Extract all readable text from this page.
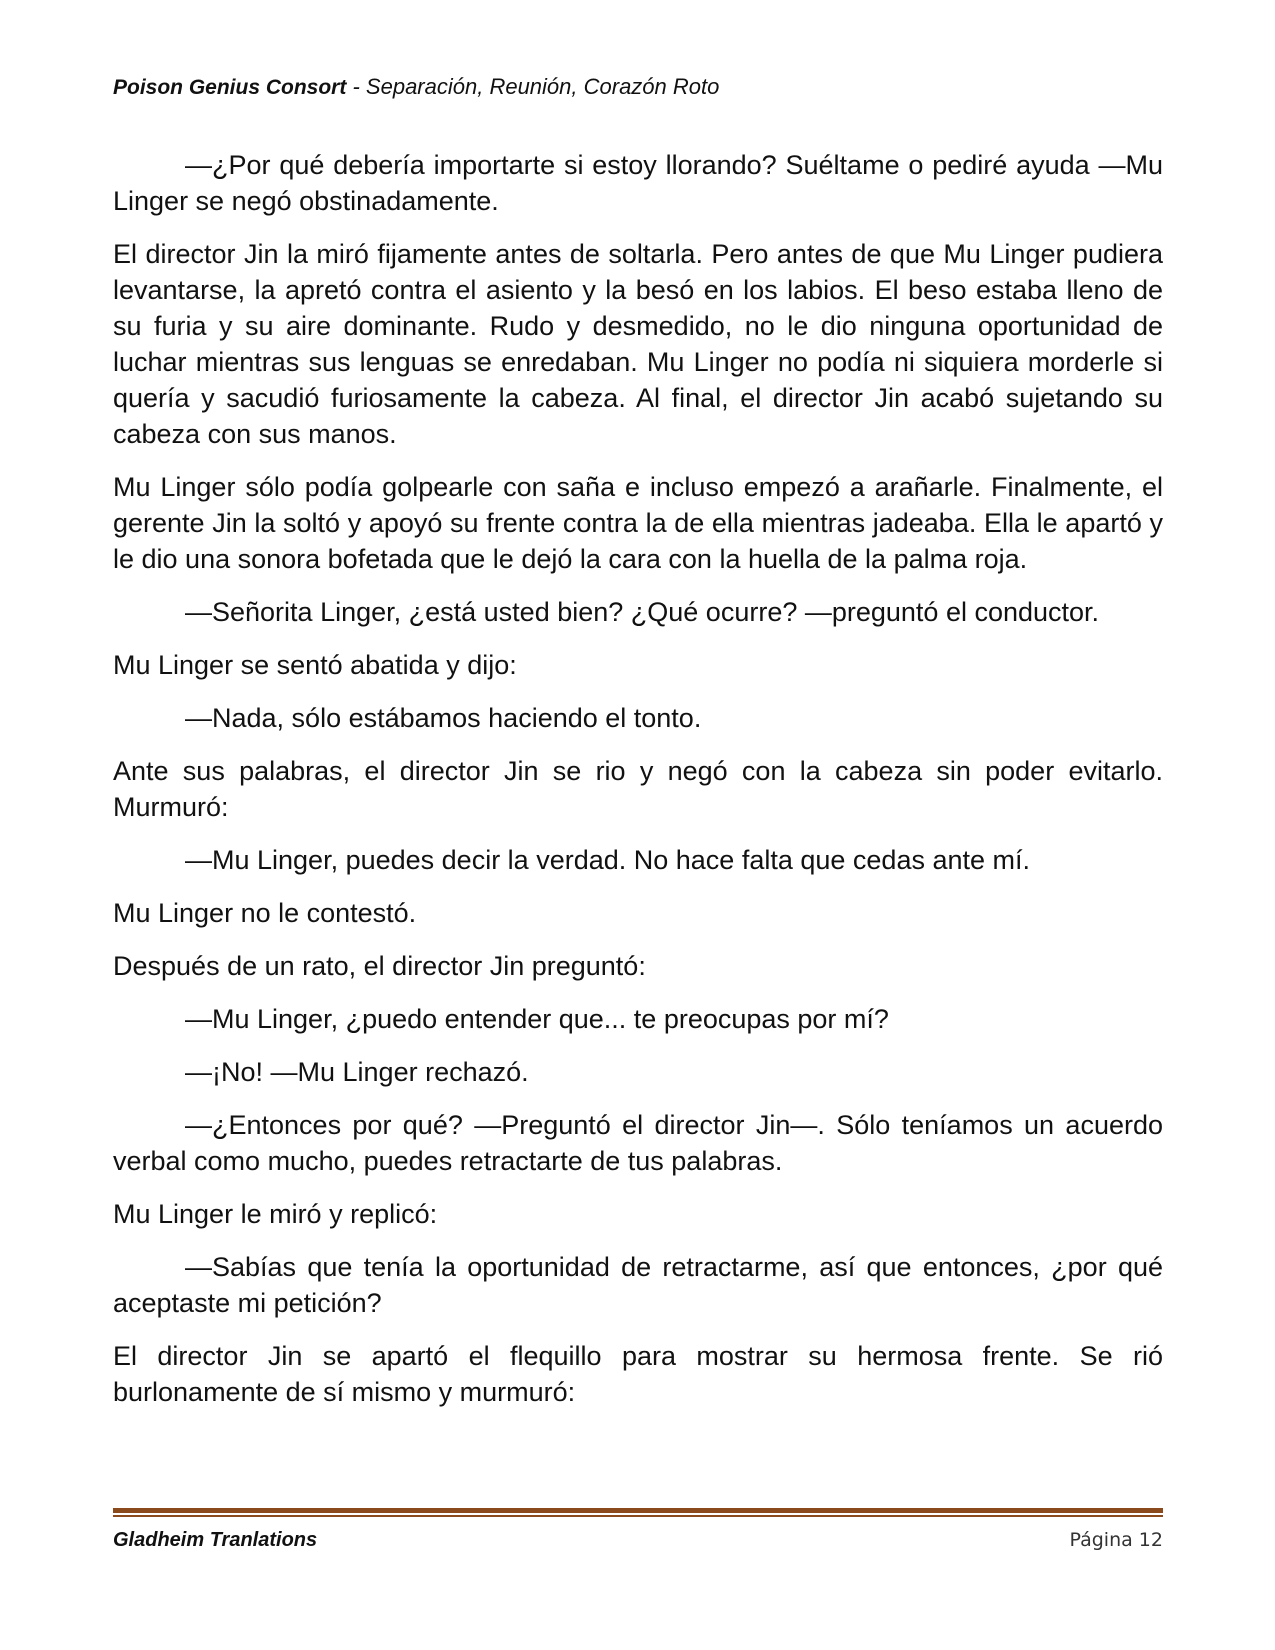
Poison Genius Consort - Separación, Reunión, Corazón Roto

—¿Por qué debería importarte si estoy llorando? Suéltame o pediré ayuda —Mu Linger se negó obstinadamente.

El director Jin la miró fijamente antes de soltarla. Pero antes de que Mu Linger pudiera levantarse, la apretó contra el asiento y la besó en los labios. El beso estaba lleno de su furia y su aire dominante. Rudo y desmedido, no le dio ninguna oportunidad de luchar mientras sus lenguas se enredaban. Mu Linger no podía ni siquiera morderle si quería y sacudió furiosamente la cabeza. Al final, el director Jin acabó sujetando su cabeza con sus manos.

Mu Linger sólo podía golpearle con saña e incluso empezó a arañarle. Finalmente, el gerente Jin la soltó y apoyó su frente contra la de ella mientras jadeaba. Ella le apartó y le dio una sonora bofetada que le dejó la cara con la huella de la palma roja.

—Señorita Linger, ¿está usted bien? ¿Qué ocurre? —preguntó el conductor.

Mu Linger se sentó abatida y dijo:

—Nada, sólo estábamos haciendo el tonto.

Ante sus palabras, el director Jin se rio y negó con la cabeza sin poder evitarlo. Murmuró:

—Mu Linger, puedes decir la verdad. No hace falta que cedas ante mí.

Mu Linger no le contestó.

Después de un rato, el director Jin preguntó:

—Mu Linger, ¿puedo entender que... te preocupas por mí?

—¡No! —Mu Linger rechazó.

—¿Entonces por qué? —Preguntó el director Jin—. Sólo teníamos un acuerdo verbal como mucho, puedes retractarte de tus palabras.

Mu Linger le miró y replicó:

—Sabías que tenía la oportunidad de retractarme, así que entonces, ¿por qué aceptaste mi petición?

El director Jin se apartó el flequillo para mostrar su hermosa frente. Se rió burlonamente de sí mismo y murmuró:

Gladheim Tranlations	Página 12
